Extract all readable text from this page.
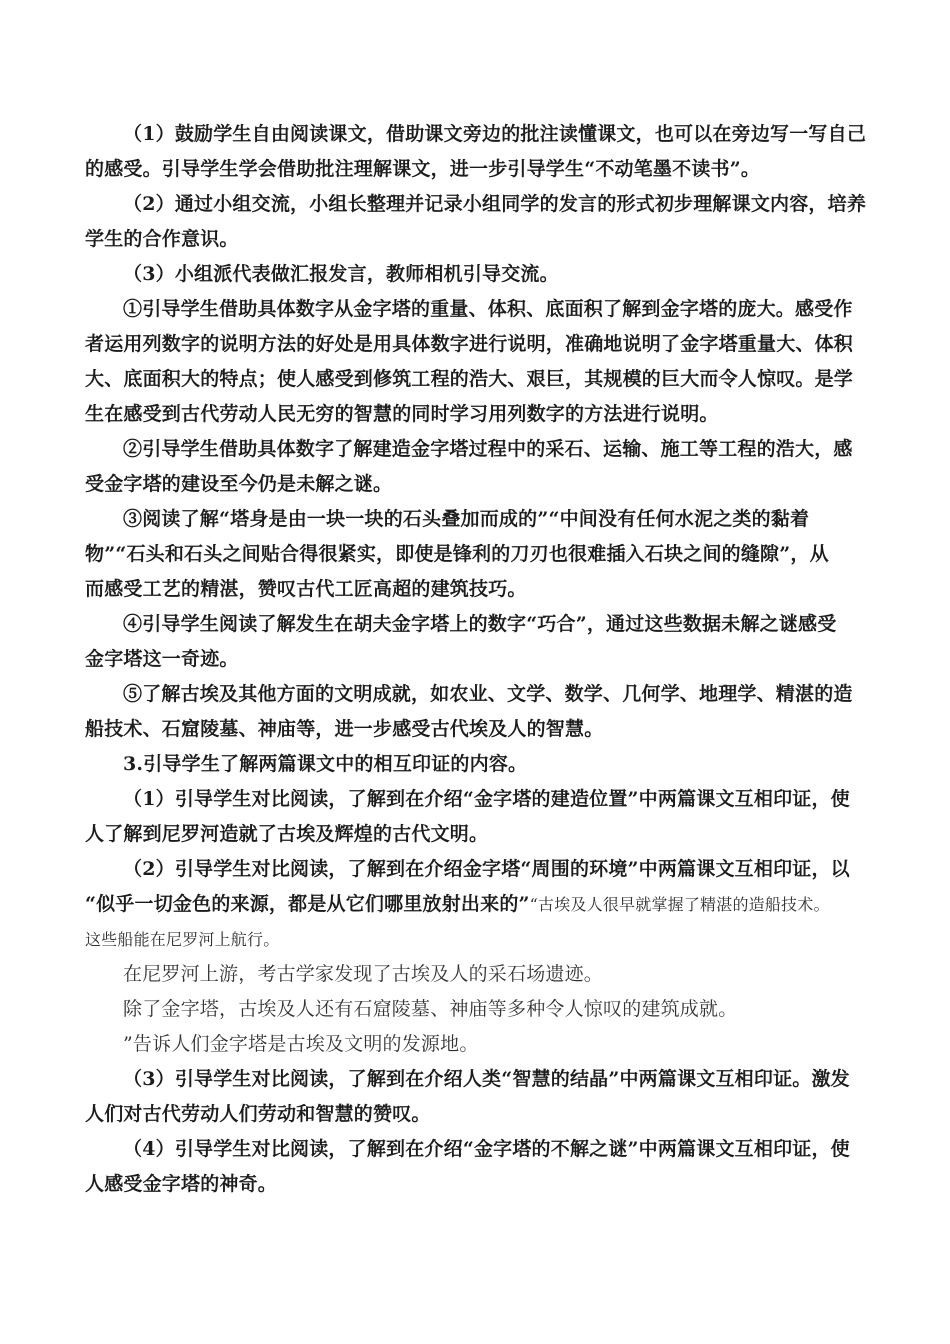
（1）鼓励学生自由阅读课文，借助课文旁边的批注读懂课文，也可以在旁边写一写自己
的感受。引导学生学会借助批注理解课文，进一步引导学生“不动笔墨不读书”。
（2）通过小组交流，小组长整理并记录小组同学的发言的形式初步理解课文内容，培养
学生的合作意识。
（3）小组派代表做汇报发言，教师相机引导交流。
①引导学生借助具体数字从金字塔的重量、体积、底面积了解到金字塔的庞大。感受作
者运用列数字的说明方法的好处是用具体数字进行说明，准确地说明了金字塔重量大、体积
大、底面积大的特点；使人感受到修筑工程的浩大、艰巨，其规模的巨大而令人惊叹。是学
生在感受到古代劳动人民无穷的智慧的同时学习用列数字的方法进行说明。
②引导学生借助具体数字了解建造金字塔过程中的采石、运输、施工等工程的浩大，感
受金字塔的建设至今仍是未解之谜。
③阅读了解“塔身是由一块一块的石头叠加而成的”“中间没有任何水泥之类的黏着
物”“石头和石头之间贴合得很紧实，即使是锋利的刀刃也很难插入石块之间的缝隙”，从
而感受工艺的精湛，赞叹古代工匠高超的建筑技巧。
④引导学生阅读了解发生在胡夫金字塔上的数字“巧合”，通过这些数据未解之谜感受
金字塔这一奇迹。
⑤了解古埃及其他方面的文明成就，如农业、文学、数学、几何学、地理学、精湛的造
船技术、石窟陵墓、神庙等，进一步感受古代埃及人的智慧。
3.引导学生了解两篇课文中的相互印证的内容。
（1）引导学生对比阅读，了解到在介绍“金字塔的建造位置”中两篇课文互相印证，使
人了解到尼罗河造就了古埃及辉煌的古代文明。
（2）引导学生对比阅读，了解到在介绍金字塔“周围的环境”中两篇课文互相印证，以
“似乎一切金色的来源，都是从它们哪里放射出来的”“古埃及人很早就掌握了精湛的造船技术。
这些船能在尼罗河上航行。
在尼罗河上游，考古学家发现了古埃及人的采石场遗迹。
除了金字塔，古埃及人还有石窟陵墓、神庙等多种令人惊叹的建筑成就。
”告诉人们金字塔是古埃及文明的发源地。
（3）引导学生对比阅读，了解到在介绍人类“智慧的结晶”中两篇课文互相印证。激发
人们对古代劳动人们劳动和智慧的赞叹。
（4）引导学生对比阅读，了解到在介绍“金字塔的不解之谜”中两篇课文互相印证，使
人感受金字塔的神奇。
